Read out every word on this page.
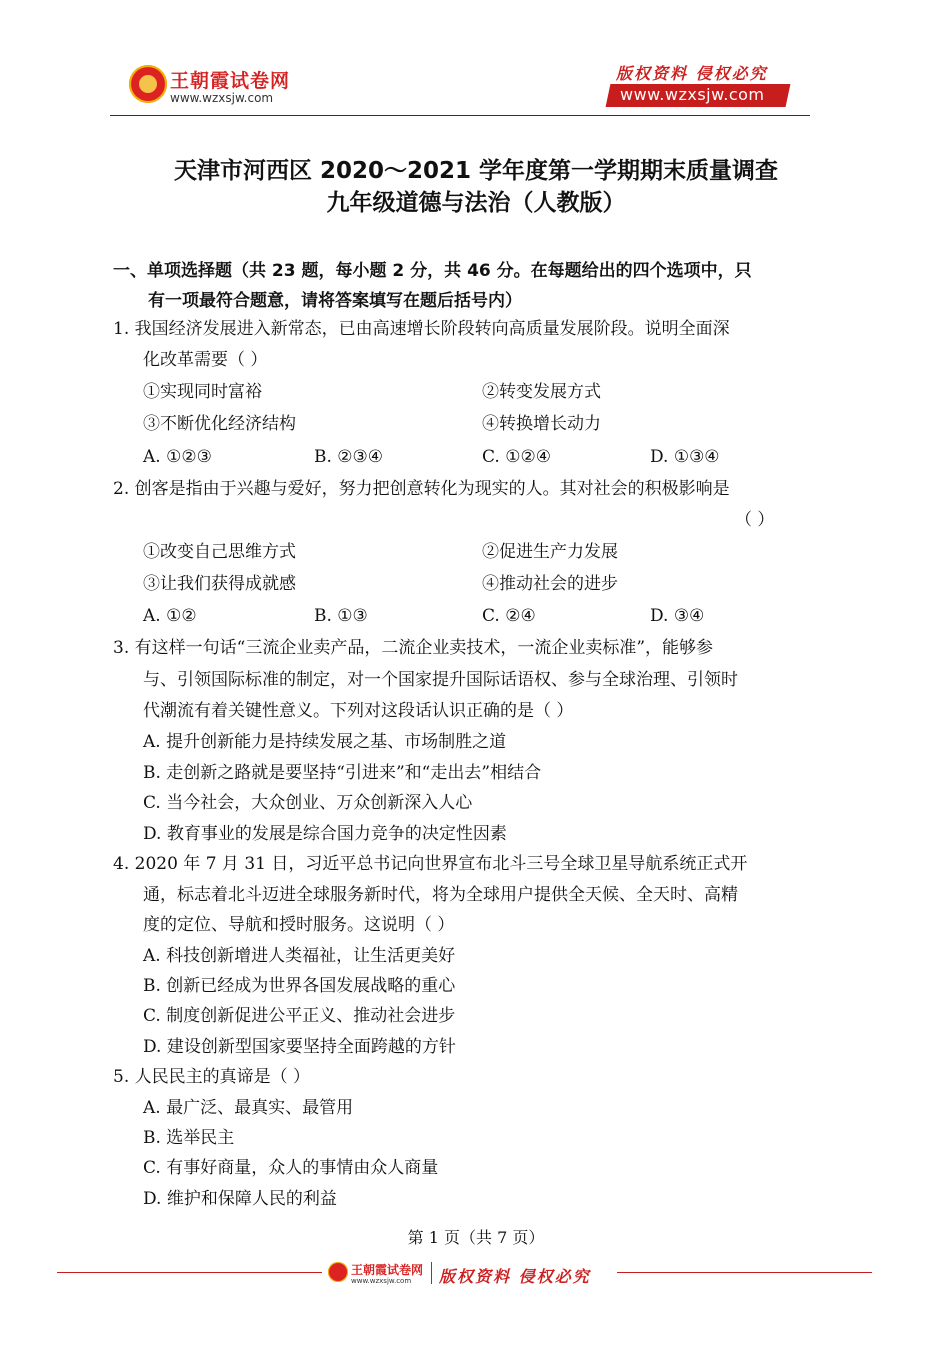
王朝霞试卷网
www.wzxsjw.com
版权资料 侵权必究
www.wzxsjw.com
天津市河西区 2020～2021 学年度第一学期期末质量调查
九年级道德与法治（人教版）
一、单项选择题（共 23 题，每小题 2 分，共 46 分。在每题给出的四个选项中，只
有一项最符合题意，请将答案填写在题后括号内）
1. 我国经济发展进入新常态，已由高速增长阶段转向高质量发展阶段。说明全面深
化改革需要（ ）
①实现同时富裕	②转变发展方式
③不断优化经济结构	④转换增长动力
A. ①②③	B. ②③④	C. ①②④	D. ①③④
2. 创客是指由于兴趣与爱好，努力把创意转化为现实的人。其对社会的积极影响是
（ ）
①改变自己思维方式	②促进生产力发展
③让我们获得成就感	④推动社会的进步
A. ①②	B. ①③	C. ②④	D. ③④
3. 有这样一句话“三流企业卖产品，二流企业卖技术，一流企业卖标准”，能够参
与、引领国际标准的制定，对一个国家提升国际话语权、参与全球治理、引领时
代潮流有着关键性意义。下列对这段话认识正确的是（ ）
A. 提升创新能力是持续发展之基、市场制胜之道
B. 走创新之路就是要坚持“引进来”和“走出去”相结合
C. 当今社会，大众创业、万众创新深入人心
D. 教育事业的发展是综合国力竞争的决定性因素
4. 2020 年 7 月 31 日，习近平总书记向世界宣布北斗三号全球卫星导航系统正式开
通，标志着北斗迈进全球服务新时代，将为全球用户提供全天候、全天时、高精
度的定位、导航和授时服务。这说明（ ）
A. 科技创新增进人类福祉，让生活更美好
B. 创新已经成为世界各国发展战略的重心
C. 制度创新促进公平正义、推动社会进步
D. 建设创新型国家要坚持全面跨越的方针
5. 人民民主的真谛是（ ）
A. 最广泛、最真实、最管用
B. 选举民主
C. 有事好商量，众人的事情由众人商量
D. 维护和保障人民的利益
第 1 页（共 7 页）
王朝霞试卷网
www.wzxsjw.com 版权资料 侵权必究
